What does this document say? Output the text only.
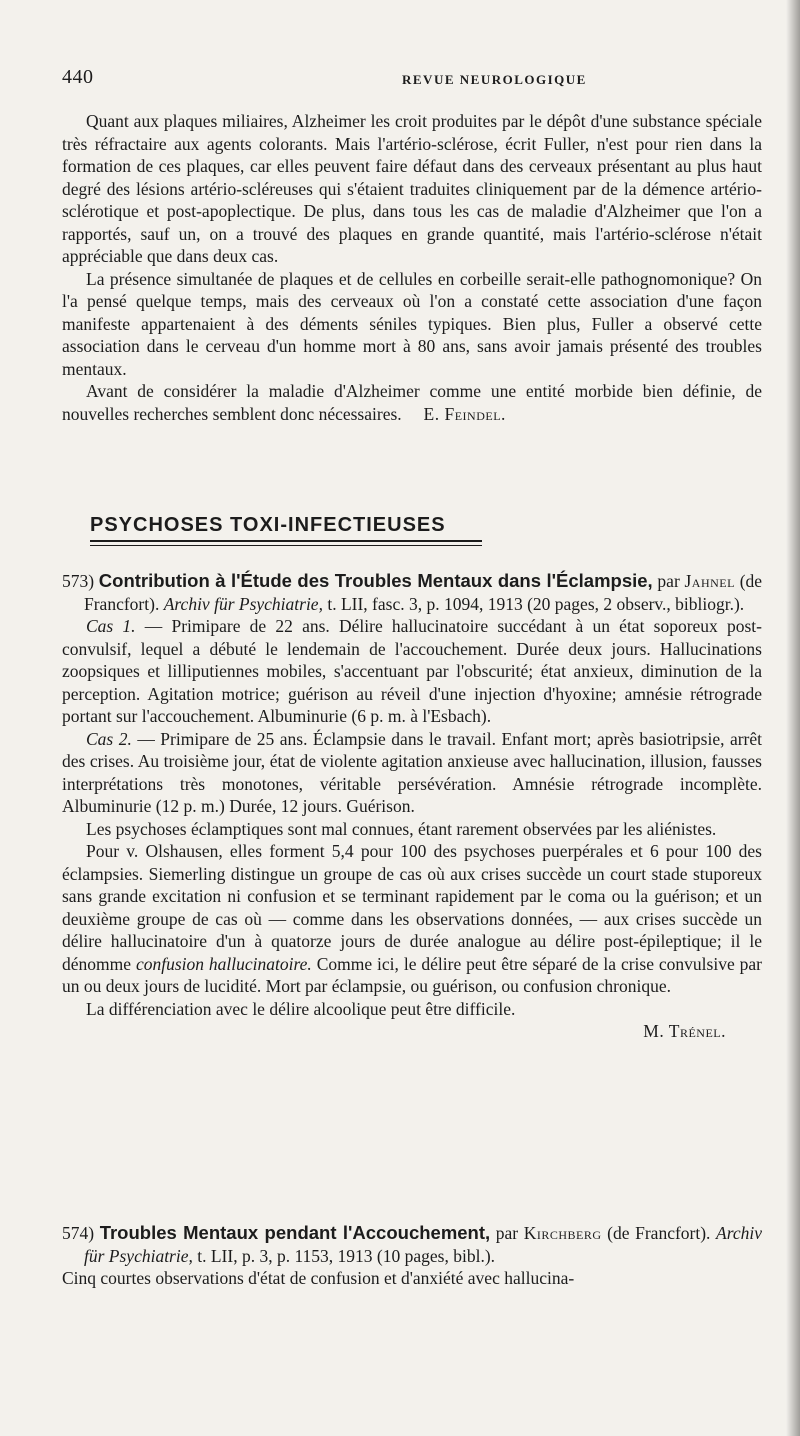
440	REVUE NEUROLOGIQUE

Quant aux plaques miliaires, Alzheimer les croit produites par le dépôt d'une substance spéciale très réfractaire aux agents colorants. Mais l'artério-sclérose, écrit Fuller, n'est pour rien dans la formation de ces plaques, car elles peuvent faire défaut dans des cerveaux présentant au plus haut degré des lésions artério-scléreuses qui s'étaient traduites cliniquement par de la démence artério-sclérotique et post-apoplectique. De plus, dans tous les cas de maladie d'Alzheimer que l'on a rapportés, sauf un, on a trouvé des plaques en grande quantité, mais l'artério-sclérose n'était appréciable que dans deux cas.

La présence simultanée de plaques et de cellules en corbeille serait-elle pathognomonique? On l'a pensé quelque temps, mais des cerveaux où l'on a constaté cette association d'une façon manifeste appartenaient à des déments séniles typiques. Bien plus, Fuller a observé cette association dans le cerveau d'un homme mort à 80 ans, sans avoir jamais présenté des troubles mentaux.

Avant de considérer la maladie d'Alzheimer comme une entité morbide bien définie, de nouvelles recherches semblent donc nécessaires. E. Feindel.

PSYCHOSES TOXI-INFECTIEUSES

573) Contribution à l'Étude des Troubles Mentaux dans l'Éclampsie, par Jahnel (de Francfort). Archiv für Psychiatrie, t. LII, fasc. 3, p. 1094, 1913 (20 pages, 2 observ., bibliogr.).

Cas 1. — Primipare de 22 ans. Délire hallucinatoire succédant à un état soporeux post-convulsif, lequel a débuté le lendemain de l'accouchement. Durée deux jours. Hallucinations zoopsiques et lilliputiennes mobiles, s'accentuant par l'obscurité; état anxieux, diminution de la perception. Agitation motrice; guérison au réveil d'une injection d'hyoxine; amnésie rétrograde portant sur l'accouchement. Albuminurie (6 p. m. à l'Esbach).

Cas 2. — Primipare de 25 ans. Éclampsie dans le travail. Enfant mort; après basiotripsie, arrêt des crises. Au troisième jour, état de violente agitation anxieuse avec hallucination, illusion, fausses interprétations très monotones, véritable persévération. Amnésie rétrograde incomplète. Albuminurie (12 p. m.) Durée, 12 jours. Guérison.

Les psychoses éclamptiques sont mal connues, étant rarement observées par les aliénistes.

Pour v. Olshausen, elles forment 5,4 pour 100 des psychoses puerpérales et 6 pour 100 des éclampsies. Siemerling distingue un groupe de cas où aux crises succède un court stade stuporeux sans grande excitation ni confusion et se terminant rapidement par le coma ou la guérison; et un deuxième groupe de cas où — comme dans les observations données, — aux crises succède un délire hallucinatoire d'un à quatorze jours de durée analogue au délire post-épileptique; il le dénomme confusion hallucinatoire. Comme ici, le délire peut être séparé de la crise convulsive par un ou deux jours de lucidité. Mort par éclampsie, ou guérison, ou confusion chronique.

La différenciation avec le délire alcoolique peut être difficile.

M. Trénel.

574) Troubles Mentaux pendant l'Accouchement, par Kirchberg (de Francfort). Archiv für Psychiatrie, t. LII, p. 3, p. 1153, 1913 (10 pages, bibl.).

Cinq courtes observations d'état de confusion et d'anxiété avec hallucina-
